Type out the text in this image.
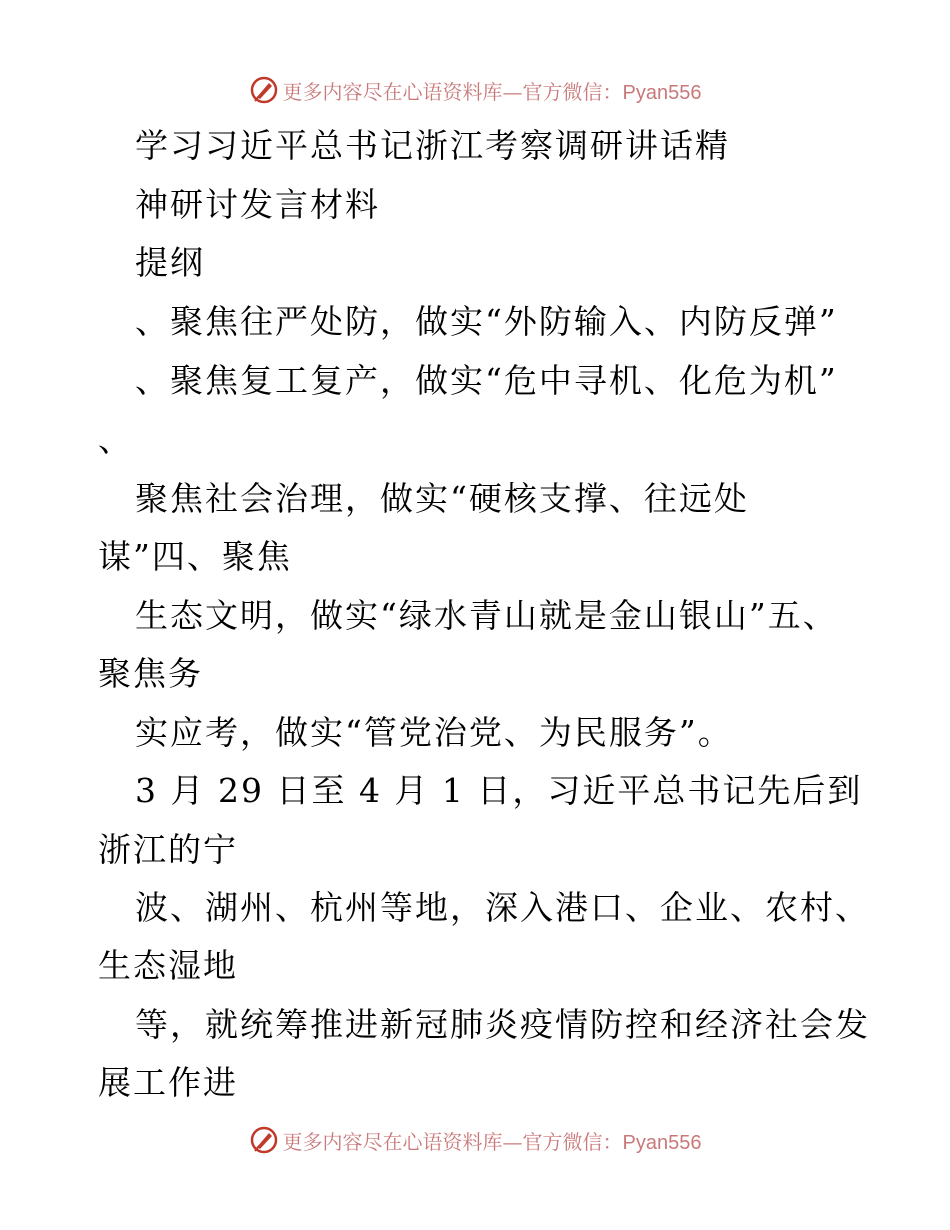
更多内容尽在心语资料库—官方微信：Pyan556
学习习近平总书记浙江考察调研讲话精
神研讨发言材料
提纲
、聚焦往严处防，做实“外防输入、内防反弹”
、聚焦复工复产，做实“危中寻机、化危为机”
、
聚焦社会治理，做实“硬核支撑、往远处
谋”四、聚焦
生态文明，做实“绿水青山就是金山银山”五、
聚焦务
实应考，做实“管党治党、为民服务”。
3 月 29 日至 4 月 1 日，习近平总书记先后到
浙江的宁
波、湖州、杭州等地，深入港口、企业、农村、
生态湿地
等，就统筹推进新冠肺炎疫情防控和经济社会发
展工作进
更多内容尽在心语资料库—官方微信：Pyan556
